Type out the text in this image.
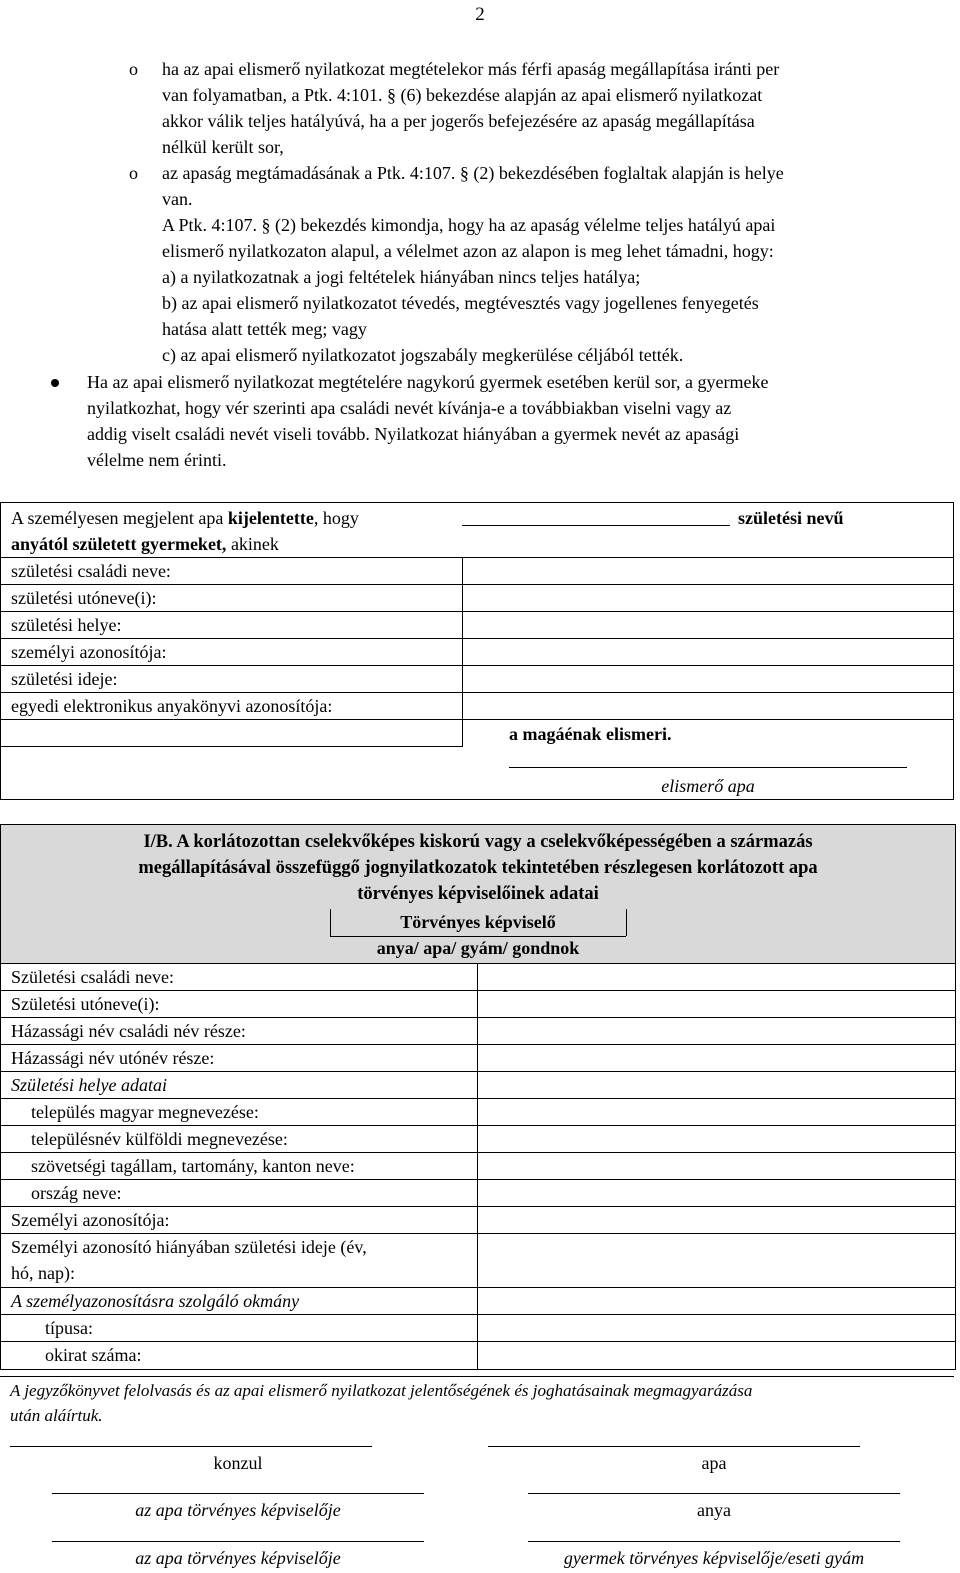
2
o ha az apai elismerő nyilatkozat megtételekor más férfi apaság megállapítása iránti per
van folyamatban, a Ptk. 4:101. § (6) bekezdése alapján az apai elismerő nyilatkozat
akkor válik teljes hatályúvá, ha a per jogerős befejezésére az apaság megállapítása
nélkül került sor,
o az apaság megtámadásának a Ptk. 4:107. § (2) bekezdésében foglaltak alapján is helye
van.
A Ptk. 4:107. § (2) bekezdés kimondja, hogy ha az apaság vélelme teljes hatályú apai
elismerő nyilatkozaton alapul, a vélelmet azon az alapon is meg lehet támadni, hogy:
a) a nyilatkozatnak a jogi feltételek hiányában nincs teljes hatálya;
b) az apai elismerő nyilatkozatot tévedés, megtévesztés vagy jogellenes fenyegetés
hatása alatt tették meg; vagy
c) az apai elismerő nyilatkozatot jogszabály megkerülése céljából tették.
Ha az apai elismerő nyilatkozat megtételére nagykorú gyermek esetében kerül sor, a gyermeke
nyilatkozhat, hogy vér szerinti apa családi nevét kívánja-e a továbbiakban viselni vagy az
addig viselt családi nevét viseli tovább. Nyilatkozat hiányában a gyermek nevét az apasági
vélelme nem érinti.
A személyesen megjelent apa kijelentette, hogy	születési nevű
anyától született gyermeket, akinek
születési családi neve:
születési utóneve(i):
születési helye:
személyi azonosítója:
születési ideje:
egyedi elektronikus anyakönyvi azonosítója:
a magáénak elismeri.
elismerő apa
I/B. A korlátozottan cselekvőképes kiskorú vagy a cselekvőképességében a származás
megállapításával összefüggő jognyilatkozatok tekintetében részlegesen korlátozott apa
törvényes képviselőinek adatai
Törvényes képviselő
anya/ apa/ gyám/ gondnok
Születési családi neve:
Születési utóneve(i):
Házassági név családi név része:
Házassági név utónév része:
Születési helye adatai
település magyar megnevezése:
településnév külföldi megnevezése:
szövetségi tagállam, tartomány, kanton neve:
ország neve:
Személyi azonosítója:
Személyi azonosító hiányában születési ideje (év,
hó, nap):
A személyazonosításra szolgáló okmány
típusa:
okirat száma:
A jegyzőkönyvet felolvasás és az apai elismerő nyilatkozat jelentőségének és joghatásainak megmagyarázása
után aláírtuk.
konzul	apa
az apa törvényes képviselője	anya
az apa törvényes képviselője	gyermek törvényes képviselője/eseti gyám
